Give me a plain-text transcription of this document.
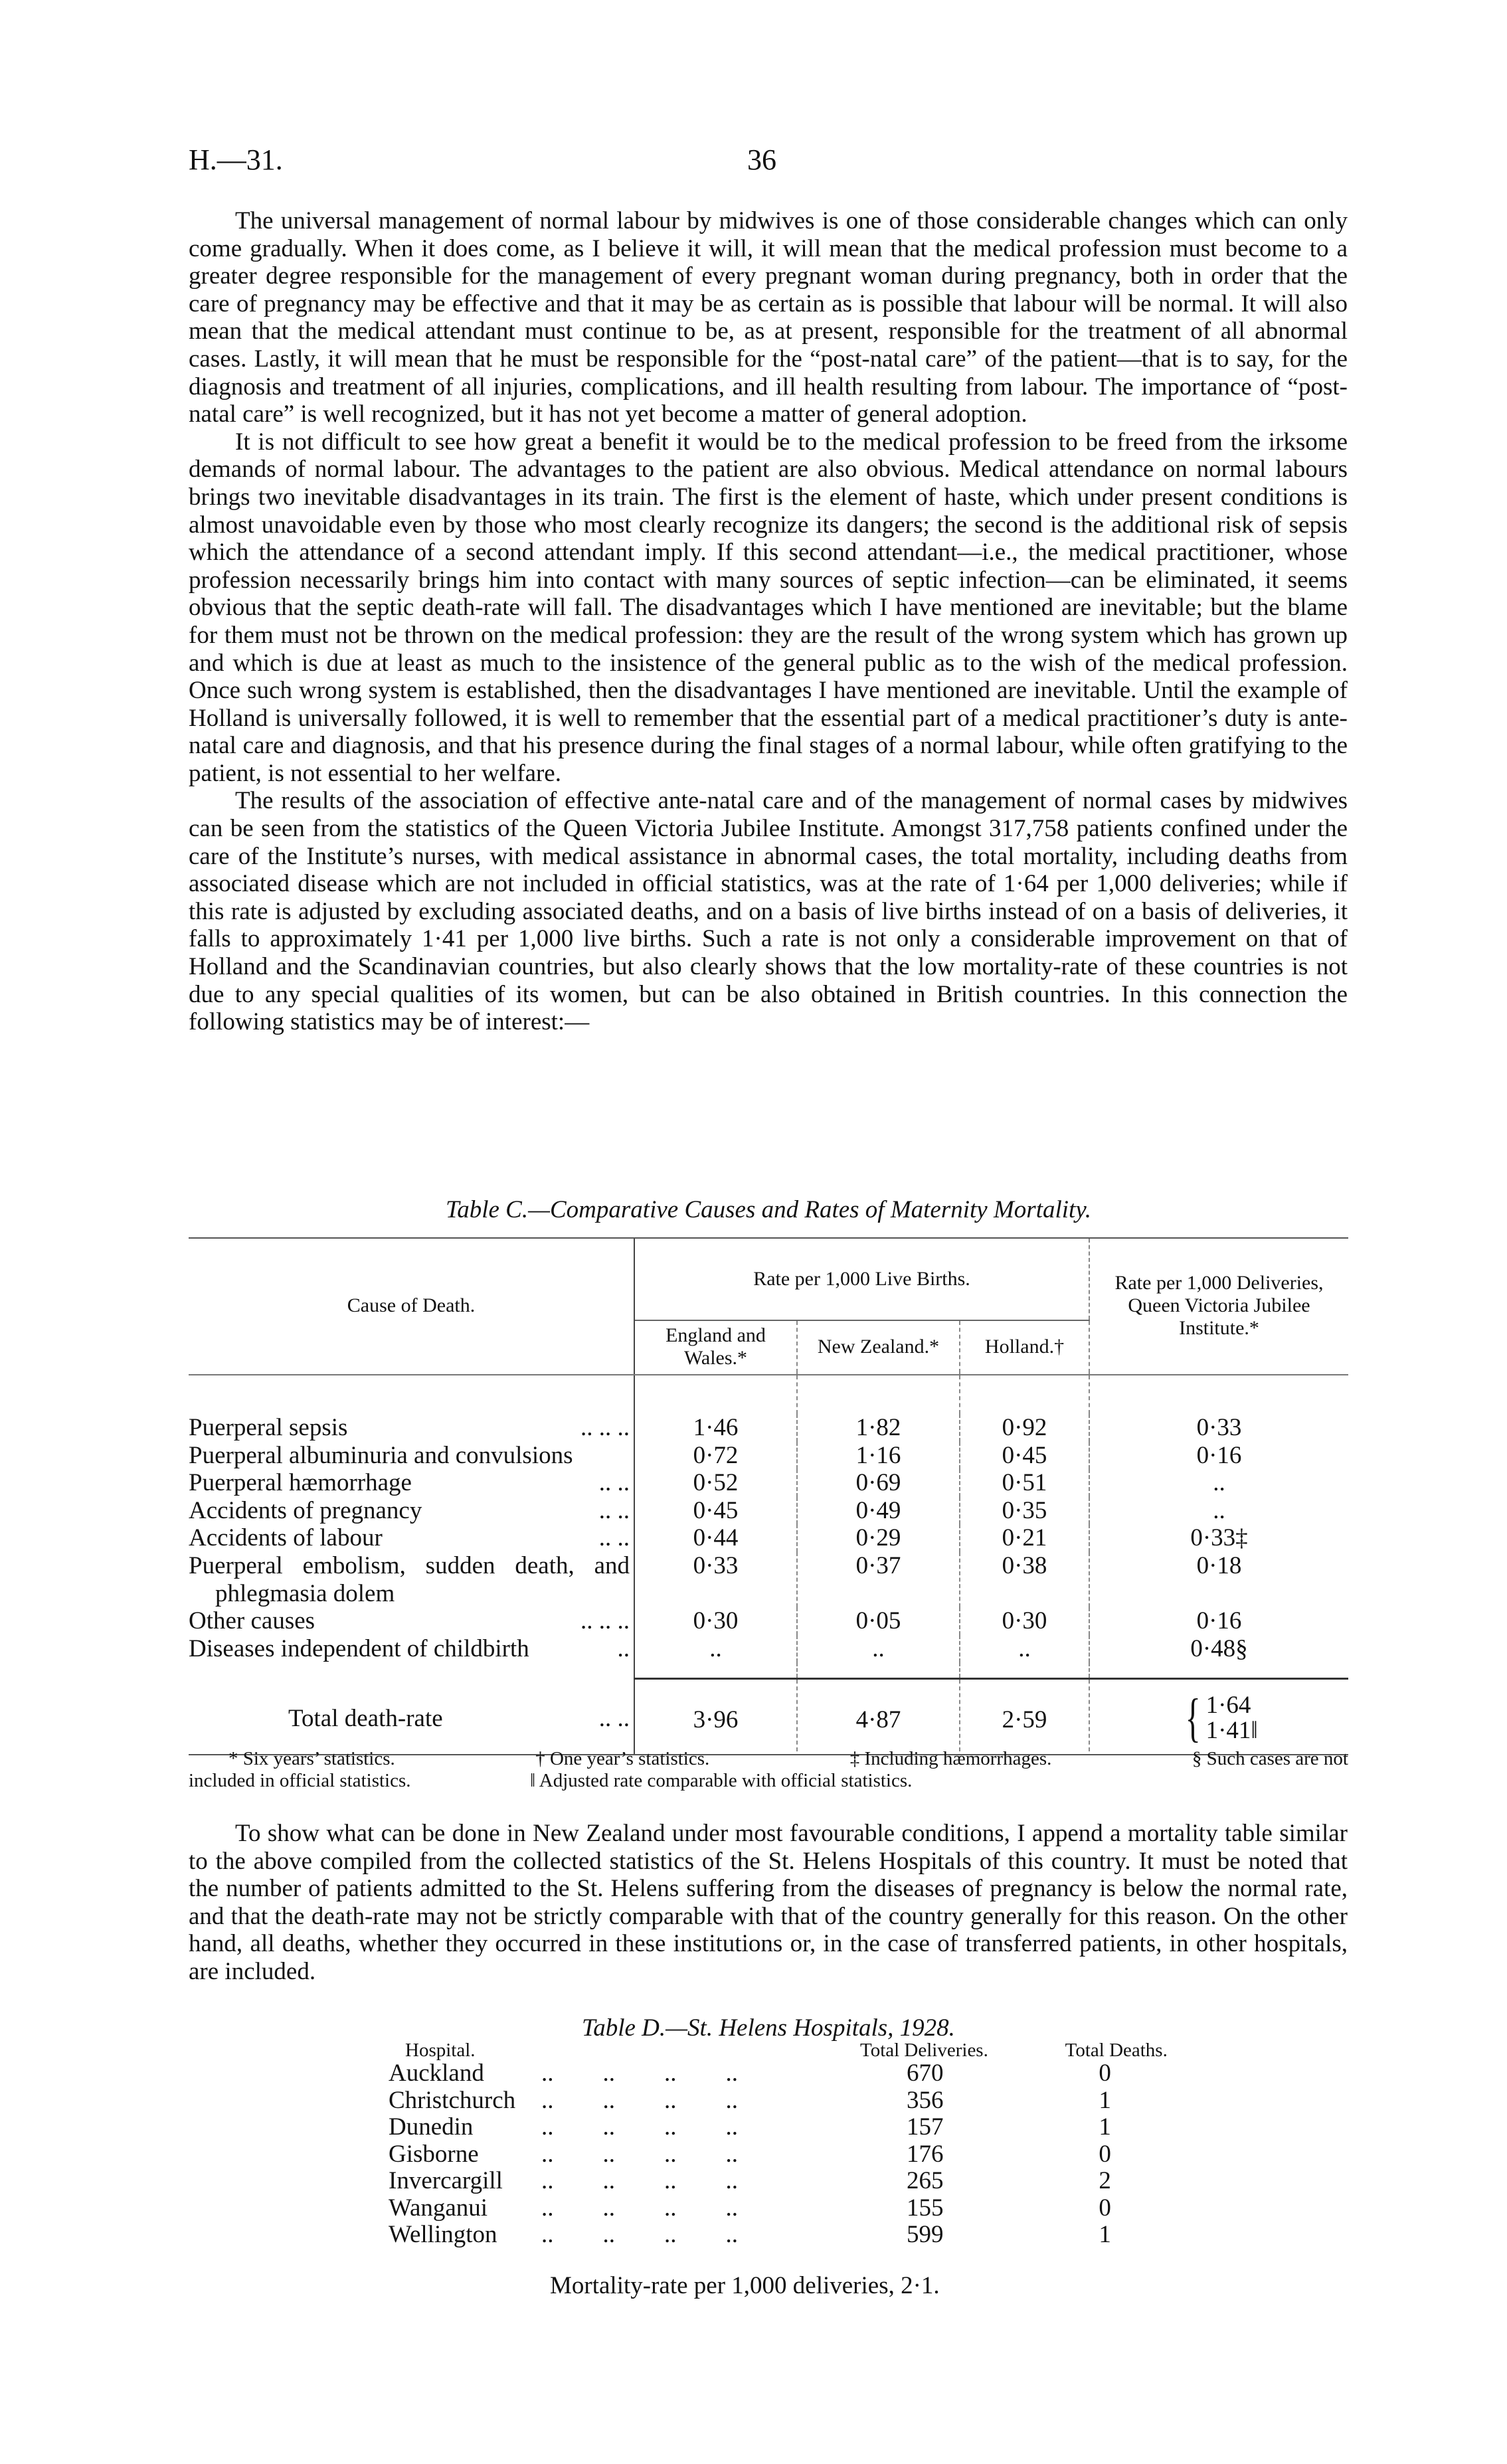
H.—31.	36

The universal management of normal labour by midwives is one of those considerable changes which can only come gradually. When it does come, as I believe it will, it will mean that the medical profession must become to a greater degree responsible for the management of every pregnant woman during pregnancy, both in order that the care of pregnancy may be effective and that it may be as certain as is possible that labour will be normal. It will also mean that the medical attendant must continue to be, as at present, responsible for the treatment of all abnormal cases. Lastly, it will mean that he must be responsible for the “post-natal care” of the patient—that is to say, for the diagnosis and treatment of all injuries, complications, and ill health resulting from labour. The importance of “post-natal care” is well recognized, but it has not yet become a matter of general adoption.

It is not difficult to see how great a benefit it would be to the medical profession to be freed from the irksome demands of normal labour. The advantages to the patient are also obvious. Medical attendance on normal labours brings two inevitable disadvantages in its train. The first is the element of haste, which under present conditions is almost unavoidable even by those who most clearly recognize its dangers; the second is the additional risk of sepsis which the attendance of a second attendant imply. If this second attendant—i.e., the medical practitioner, whose profession necessarily brings him into contact with many sources of septic infection—can be eliminated, it seems obvious that the septic death-rate will fall. The disadvantages which I have mentioned are inevitable; but the blame for them must not be thrown on the medical profession: they are the result of the wrong system which has grown up and which is due at least as much to the insistence of the general public as to the wish of the medical profession. Once such wrong system is established, then the disadvantages I have mentioned are inevitable. Until the example of Holland is universally followed, it is well to remember that the essential part of a medical practitioner’s duty is ante-natal care and diagnosis, and that his presence during the final stages of a normal labour, while often gratifying to the patient, is not essential to her welfare.

The results of the association of effective ante-natal care and of the management of normal cases by midwives can be seen from the statistics of the Queen Victoria Jubilee Institute. Amongst 317,758 patients confined under the care of the Institute’s nurses, with medical assistance in abnormal cases, the total mortality, including deaths from associated disease which are not included in official statistics, was at the rate of 1·64 per 1,000 deliveries; while if this rate is adjusted by excluding associated deaths, and on a basis of live births instead of on a basis of deliveries, it falls to approximately 1·41 per 1,000 live births. Such a rate is not only a considerable improvement on that of Holland and the Scandinavian countries, but also clearly shows that the low mortality-rate of these countries is not due to any special qualities of its women, but can be also obtained in British countries. In this connection the following statistics may be of interest:—

Table C.—Comparative Causes and Rates of Maternity Mortality.
Cause of Death.	Rate per 1,000 Live Births.			Rate per 1,000 Deliveries, Queen Victoria Jubilee Institute.*
	England and Wales.*	New Zealand.*	Holland.†	

Puerperal sepsis .. .. ..	1·46	1·82	0·92	0·33

Puerperal albuminuria and convulsions	0·72	1·16	0·45	0·16

Puerperal hæmorrhage .. ..	0·52	0·69	0·51	..

Accidents of pregnancy .. ..	0·45	0·49	0·35	..

Accidents of labour .. ..	0·44	0·29	0·21	0·33‡

Puerperal embolism, sudden death, and phlegmasia dolem	0·33	0·37	0·38	0·18

Other causes .. .. ..	0·30	0·05	0·30	0·16

Diseases independent of childbirth ..	..	..	..	0·48§

Total death-rate .. ..	3·96	4·87	2·59	{ 1·64
1·41‖

* Six years’ statistics.	† One year’s statistics.	‡ Including hæmorrhages.	§ Such cases are not
included in official statistics.	‖ Adjusted rate comparable with official statistics.

To show what can be done in New Zealand under most favourable conditions, I append a mortality table similar to the above compiled from the collected statistics of the St. Helens Hospitals of this country. It must be noted that the number of patients admitted to the St. Helens suffering from the diseases of pregnancy is below the normal rate, and that the death-rate may not be strictly comparable with that of the country generally for this reason. On the other hand, all deaths, whether they occurred in these institutions or, in the case of transferred patients, in other hospitals, are included.

Table D.—St. Helens Hospitals, 1928.
Hospital.		Total Deliveries.	Total Deaths.
Auckland	..        ..        ..        ..	670	0
Christchurch	..        ..        ..        ..	356	1
Dunedin	..        ..        ..        ..	157	1
Gisborne	..        ..        ..        ..	176	0
Invercargill	..        ..        ..        ..	265	2
Wanganui	..        ..        ..        ..	155	0
Wellington	..        ..        ..        ..	599	1
Mortality-rate per 1,000 deliveries, 2·1.
